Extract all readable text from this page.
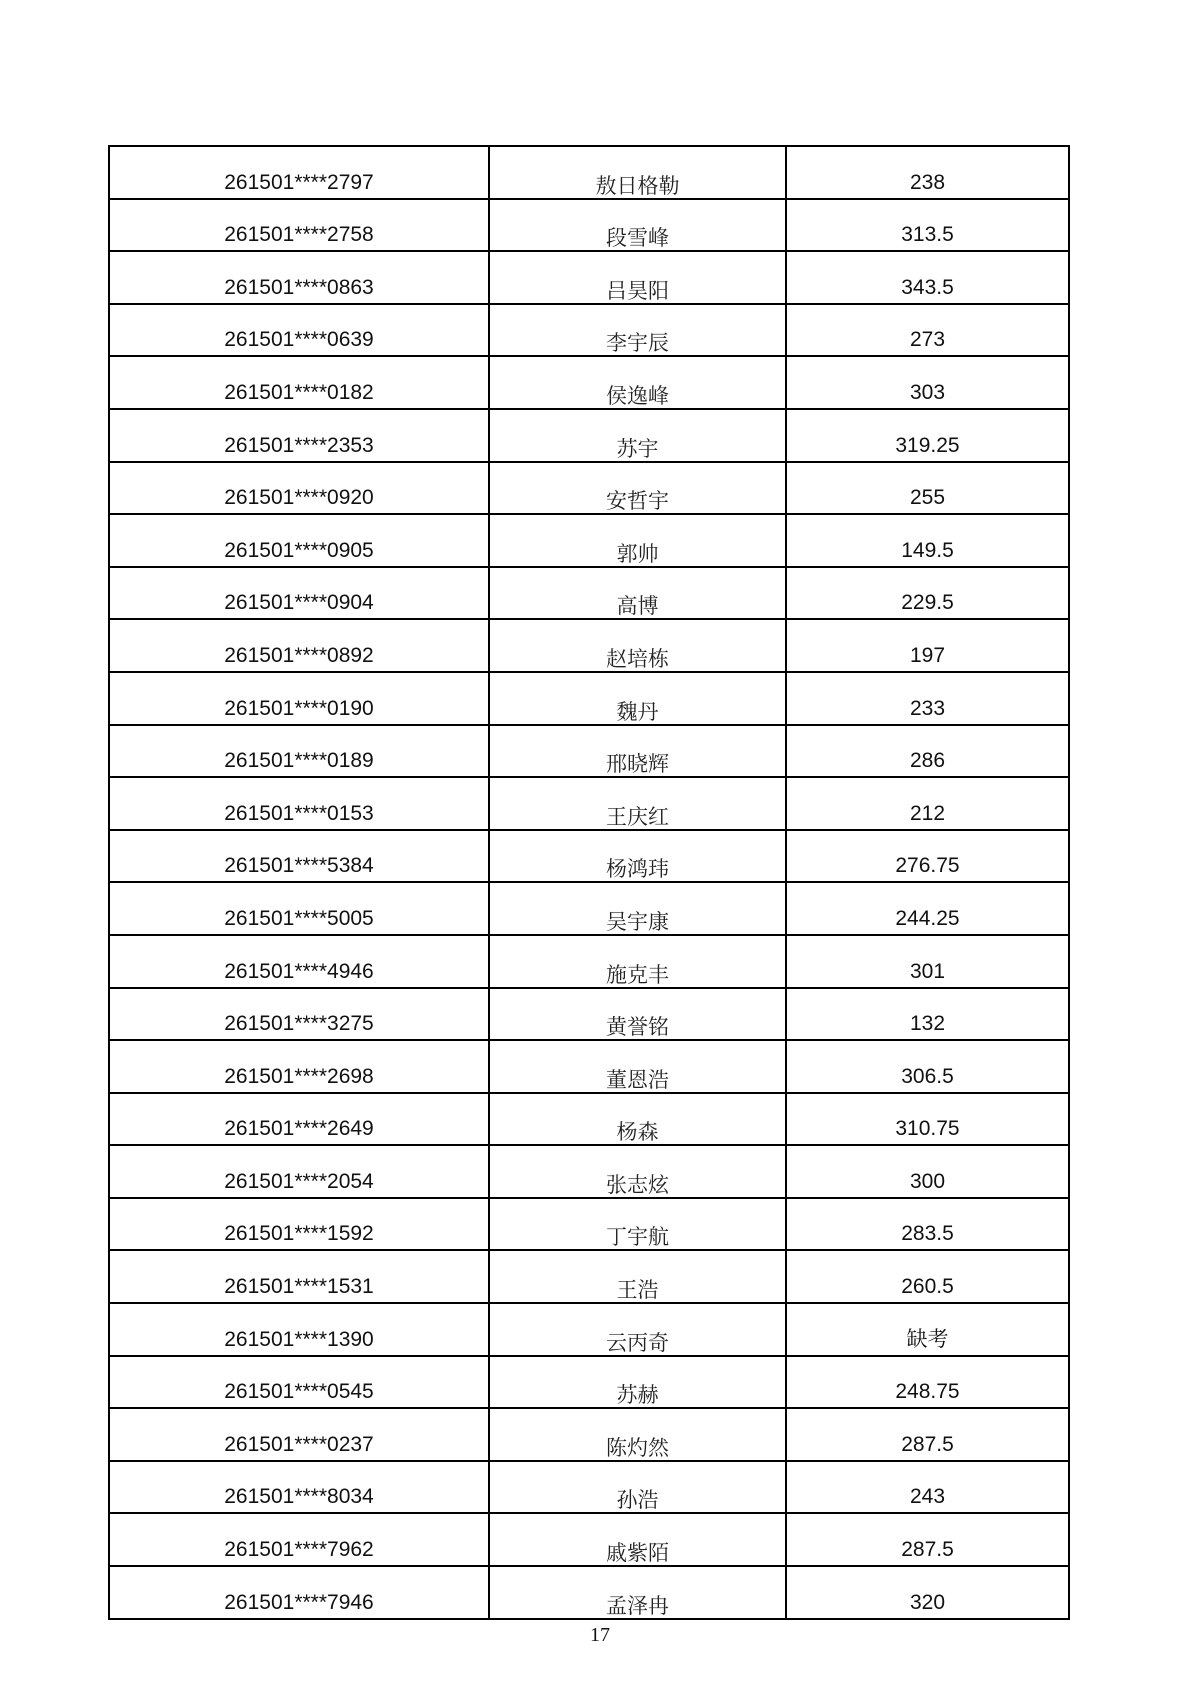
261501****2797	敖日格勒	238
261501****2758	段雪峰	313.5
261501****0863	吕昊阳	343.5
261501****0639	李宇辰	273
261501****0182	侯逸峰	303
261501****2353	苏宇	319.25
261501****0920	安哲宇	255
261501****0905	郭帅	149.5
261501****0904	高博	229.5
261501****0892	赵培栋	197
261501****0190	魏丹	233
261501****0189	邢晓辉	286
261501****0153	王庆红	212
261501****5384	杨鸿玮	276.75
261501****5005	吴宇康	244.25
261501****4946	施克丰	301
261501****3275	黄誉铭	132
261501****2698	董恩浩	306.5
261501****2649	杨森	310.75
261501****2054	张志炫	300
261501****1592	丁宇航	283.5
261501****1531	王浩	260.5
261501****1390	云丙奇	缺考
261501****0545	苏赫	248.75
261501****0237	陈灼然	287.5
261501****8034	孙浩	243
261501****7962	戚紫陌	287.5
261501****7946	孟泽冉	320
17
